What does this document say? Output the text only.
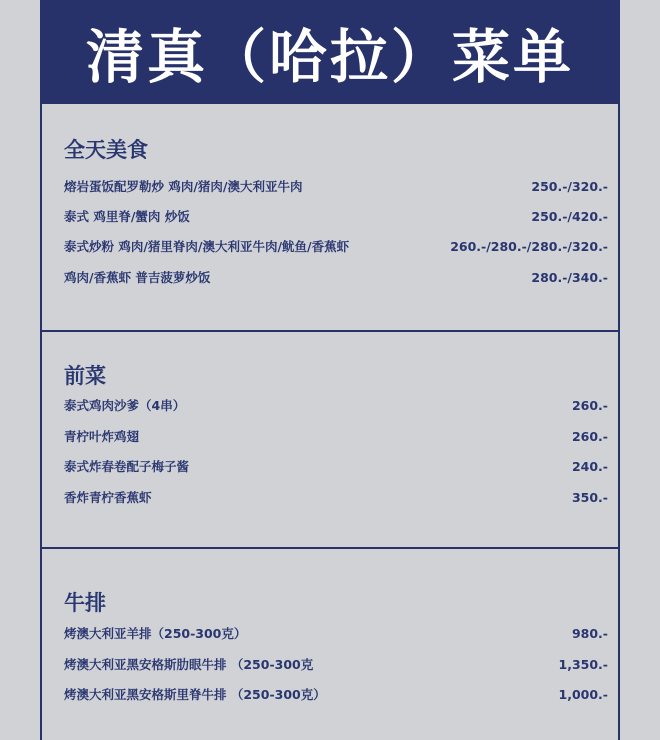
清真（哈拉）菜单
全天美食
熔岩蛋饭配罗勒炒 鸡肉/猪肉/澳大利亚牛肉	250.-/320.-
泰式 鸡里脊/蟹肉 炒饭	250.-/420.-
泰式炒粉 鸡肉/猪里脊肉/澳大利亚牛肉/鱿鱼/香蕉虾	260.-/280.-/280.-/320.-
鸡肉/香蕉虾 普吉菠萝炒饭	280.-/340.-
前菜
泰式鸡肉沙爹（4串）	260.-
青柠叶炸鸡翅	260.-
泰式炸春卷配子梅子酱	240.-
香炸青柠香蕉虾	350.-
牛排
烤澳大利亚羊排（250-300克）	980.-
烤澳大利亚黑安格斯肋眼牛排 （250-300克	1,350.-
烤澳大利亚黑安格斯里脊牛排 （250-300克）	1,000.-
